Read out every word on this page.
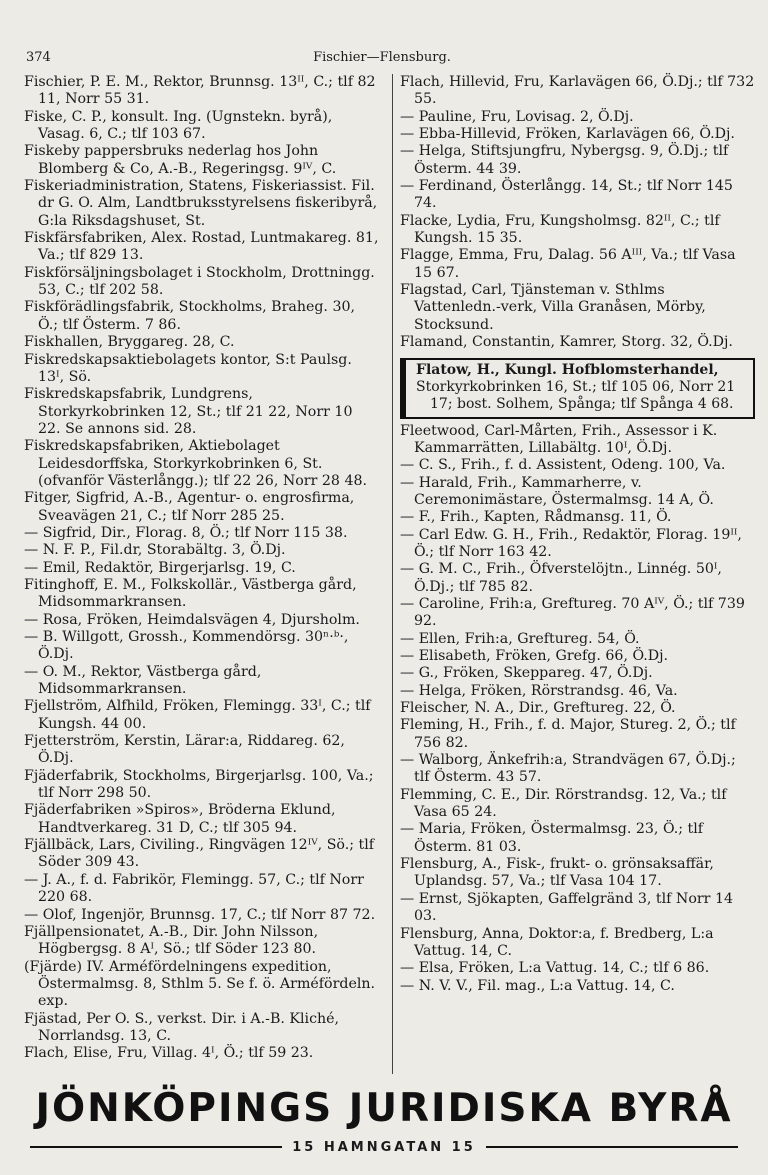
374	Fischier—Flensburg.

Fischier, P. E. M., Rektor, Brunnsg. 13ᴵᴵ, C.; tlf 82 11, Norr 55 31.

Fiske, C. P., konsult. Ing. (Ugnstekn. byrå), Vasag. 6, C.; tlf 103 67.

Fiskeby pappersbruks nederlag hos John Blomberg & Co, A.-B., Regeringsg. 9ᴵⱽ, C.

Fiskeriadministration, Statens, Fiskeriassist. Fil. dr G. O. Alm, Landtbruksstyrelsens fiskeribyrå, G:la Riksdagshuset, St.

Fiskfärsfabriken, Alex. Rostad, Luntmakareg. 81, Va.; tlf 829 13.

Fiskförsäljningsbolaget i Stockholm, Drottningg. 53, C.; tlf 202 58.

Fiskförädlingsfabrik, Stockholms, Braheg. 30, Ö.; tlf Österm. 7 86.

Fiskhallen, Bryggareg. 28, C.

Fiskredskapsaktiebolagets kontor, S:t Paulsg. 13ᴵ, Sö.

Fiskredskapsfabrik, Lundgrens, Storkyrkobrinken 12, St.; tlf 21 22, Norr 10 22. Se annons sid. 28.

Fiskredskapsfabriken, Aktiebolaget Leidesdorffska, Storkyrkobrinken 6, St. (ofvanför Västerlångg.); tlf 22 26, Norr 28 48.

Fitger, Sigfrid, A.-B., Agentur- o. engrosfirma, Sveavägen 21, C.; tlf Norr 285 25.

— Sigfrid, Dir., Florag. 8, Ö.; tlf Norr 115 38.

— N. F. P., Fil.dr, Storabältg. 3, Ö.Dj.

— Emil, Redaktör, Birgerjarlsg. 19, C.

Fitinghoff, E. M., Folkskollär., Västberga gård, Midsommarkransen.

— Rosa, Fröken, Heimdalsvägen 4, Djursholm.

— B. Willgott, Grossh., Kommendörsg. 30ⁿ·ᵇ·, Ö.Dj.

— O. M., Rektor, Västberga gård, Midsommarkransen.

Fjellström, Alfhild, Fröken, Flemingg. 33ᴵ, C.; tlf Kungsh. 44 00.

Fjetterström, Kerstin, Lärar:a, Riddareg. 62, Ö.Dj.

Fjäderfabrik, Stockholms, Birgerjarlsg. 100, Va.; tlf Norr 298 50.

Fjäderfabriken »Spiros», Bröderna Eklund, Handtverkareg. 31 D, C.; tlf 305 94.

Fjällbäck, Lars, Civiling., Ringvägen 12ᴵⱽ, Sö.; tlf Söder 309 43.

— J. A., f. d. Fabrikör, Flemingg. 57, C.; tlf Norr 220 68.

— Olof, Ingenjör, Brunnsg. 17, C.; tlf Norr 87 72.

Fjällpensionatet, A.-B., Dir. John Nilsson, Högbergsg. 8 Aᴵ, Sö.; tlf Söder 123 80.

(Fjärde) IV. Arméfördelningens expedition, Östermalmsg. 8, Sthlm 5. Se f. ö. Arméfördeln. exp.

Fjästad, Per O. S., verkst. Dir. i A.-B. Kliché, Norrlandsg. 13, C.

Flach, Elise, Fru, Villag. 4ᴵ, Ö.; tlf 59 23.

Flach, Hillevid, Fru, Karlavägen 66, Ö.Dj.; tlf 732 55.

— Pauline, Fru, Lovisag. 2, Ö.Dj.

— Ebba-Hillevid, Fröken, Karlavägen 66, Ö.Dj.

— Helga, Stiftsjungfru, Nybergsg. 9, Ö.Dj.; tlf Österm. 44 39.

— Ferdinand, Österlångg. 14, St.; tlf Norr 145 74.

Flacke, Lydia, Fru, Kungsholmsg. 82ᴵᴵ, C.; tlf Kungsh. 15 35.

Flagge, Emma, Fru, Dalag. 56 Aᴵᴵᴵ, Va.; tlf Vasa 15 67.

Flagstad, Carl, Tjänsteman v. Sthlms Vattenledn.-verk, Villa Granåsen, Mörby, Stocksund.

Flamand, Constantin, Kamrer, Storg. 32, Ö.Dj.

Flatow, H., Kungl. Hofblomsterhandel,

Storkyrkobrinken 16, St.; tlf 105 06, Norr 21 17; bost. Solhem, Spånga; tlf Spånga 4 68.

Fleetwood, Carl-Mårten, Frih., Assessor i K. Kammarrätten, Lillabältg. 10ᴵ, Ö.Dj.

— C. S., Frih., f. d. Assistent, Odeng. 100, Va.

— Harald, Frih., Kammarherre, v. Ceremonimästare, Östermalmsg. 14 A, Ö.

— F., Frih., Kapten, Rådmansg. 11, Ö.

— Carl Edw. G. H., Frih., Redaktör, Florag. 19ᴵᴵ, Ö.; tlf Norr 163 42.

— G. M. C., Frih., Öfverstelöjtn., Linnég. 50ᴵ, Ö.Dj.; tlf 785 82.

— Caroline, Frih:a, Greftureg. 70 Aᴵⱽ, Ö.; tlf 739 92.

— Ellen, Frih:a, Greftureg. 54, Ö.

— Elisabeth, Fröken, Grefg. 66, Ö.Dj.

— G., Fröken, Skeppareg. 47, Ö.Dj.

— Helga, Fröken, Rörstrandsg. 46, Va.

Fleischer, N. A., Dir., Greftureg. 22, Ö.

Fleming, H., Frih., f. d. Major, Stureg. 2, Ö.; tlf 756 82.

— Walborg, Änkefrih:a, Strandvägen 67, Ö.Dj.; tlf Österm. 43 57.

Flemming, C. E., Dir. Rörstrandsg. 12, Va.; tlf Vasa 65 24.

— Maria, Fröken, Östermalmsg. 23, Ö.; tlf Österm. 81 03.

Flensburg, A., Fisk-, frukt- o. grönsaksaffär, Uplandsg. 57, Va.; tlf Vasa 104 17.

— Ernst, Sjökapten, Gaffelgränd 3, tlf Norr 14 03.

Flensburg, Anna, Doktor:a, f. Bredberg, L:a Vattug. 14, C.

— Elsa, Fröken, L:a Vattug. 14, C.; tlf 6 86.

— N. V. V., Fil. mag., L:a Vattug. 14, C.

JÖNKÖPINGS JURIDISKA BYRÅ
15 HAMNGATAN 15
